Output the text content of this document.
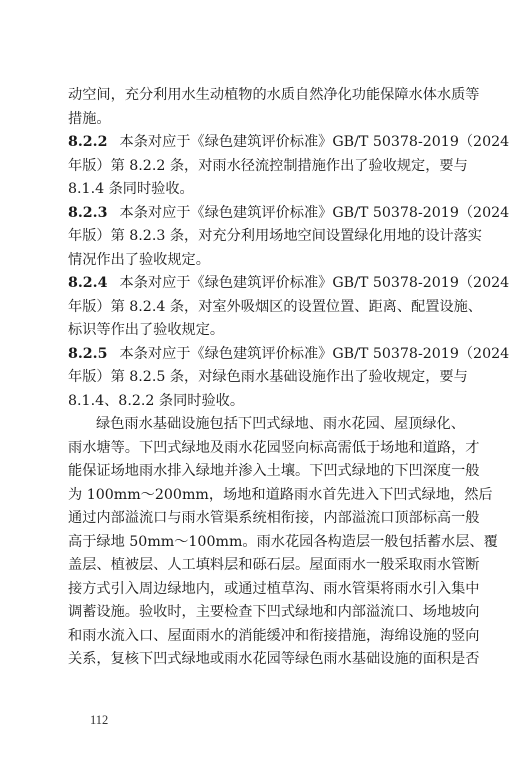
动空间，充分利用水生动植物的水质自然净化功能保障水体水质等
措施。
8.2.2 本条对应于《绿色建筑评价标准》GB/T 50378-2019（2024
年版）第 8.2.2 条，对雨水径流控制措施作出了验收规定，要与
8.1.4 条同时验收。
8.2.3 本条对应于《绿色建筑评价标准》GB/T 50378-2019（2024
年版）第 8.2.3 条，对充分利用场地空间设置绿化用地的设计落实
情况作出了验收规定。
8.2.4 本条对应于《绿色建筑评价标准》GB/T 50378-2019（2024
年版）第 8.2.4 条，对室外吸烟区的设置位置、距离、配置设施、
标识等作出了验收规定。
8.2.5 本条对应于《绿色建筑评价标准》GB/T 50378-2019（2024
年版）第 8.2.5 条，对绿色雨水基础设施作出了验收规定，要与
8.1.4、8.2.2 条同时验收。
绿色雨水基础设施包括下凹式绿地、雨水花园、屋顶绿化、
雨水塘等。下凹式绿地及雨水花园竖向标高需低于场地和道路，才
能保证场地雨水排入绿地并渗入土壤。下凹式绿地的下凹深度一般
为 100mm～200mm，场地和道路雨水首先进入下凹式绿地，然后
通过内部溢流口与雨水管渠系统相衔接，内部溢流口顶部标高一般
高于绿地 50mm～100mm。雨水花园各构造层一般包括蓄水层、覆
盖层、植被层、人工填料层和砾石层。屋面雨水一般采取雨水管断
接方式引入周边绿地内，或通过植草沟、雨水管渠将雨水引入集中
调蓄设施。验收时，主要检查下凹式绿地和内部溢流口、场地坡向
和雨水流入口、屋面雨水的消能缓冲和衔接措施，海绵设施的竖向
关系，复核下凹式绿地或雨水花园等绿色雨水基础设施的面积是否
112
